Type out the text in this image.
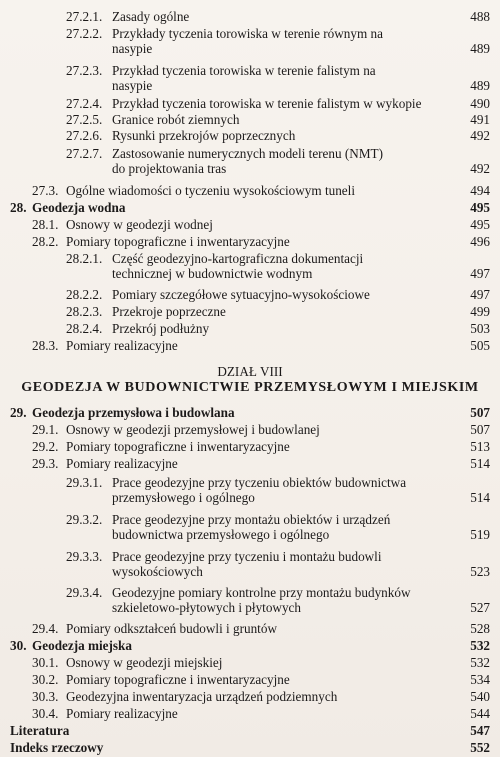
27.2.1. Zasady ogólne	488
27.2.2. Przykłady tyczenia torowiska w terenie równym na
nasypie	489
27.2.3. Przykład tyczenia torowiska w terenie falistym na
nasypie	489
27.2.4. Przykład tyczenia torowiska w terenie falistym w wykopie	490
27.2.5. Granice robót ziemnych	491
27.2.6. Rysunki przekrojów poprzecznych	492
27.2.7. Zastosowanie numerycznych modeli terenu (NMT)
do projektowania tras	492
27.3. Ogólne wiadomości o tyczeniu wysokościowym tuneli	494
28. Geodezja wodna	495
28.1. Osnowy w geodezji wodnej	495
28.2. Pomiary topograficzne i inwentaryzacyjne	496
28.2.1. Część geodezyjno-kartograficzna dokumentacji
technicznej w budownictwie wodnym	497
28.2.2. Pomiary szczegółowe sytuacyjno-wysokościowe	497
28.2.3. Przekroje poprzeczne	499
28.2.4. Przekrój podłużny	503
28.3. Pomiary realizacyjne	505
DZIAŁ VIII
GEODEZJA W BUDOWNICTWIE PRZEMYSŁOWYM I MIEJSKIM
29. Geodezja przemysłowa i budowlana	507
29.1. Osnowy w geodezji przemysłowej i budowlanej	507
29.2. Pomiary topograficzne i inwentaryzacyjne	513
29.3. Pomiary realizacyjne	514
29.3.1. Prace geodezyjne przy tyczeniu obiektów budownictwa
przemysłowego i ogólnego	514
29.3.2. Prace geodezyjne przy montażu obiektów i urządzeń
budownictwa przemysłowego i ogólnego	519
29.3.3. Prace geodezyjne przy tyczeniu i montażu budowli
wysokościowych	523
29.3.4. Geodezyjne pomiary kontrolne przy montażu budynków
szkieletowo-płytowych i płytowych	527
29.4. Pomiary odkształceń budowli i gruntów	528
30. Geodezja miejska	532
30.1. Osnowy w geodezji miejskiej	532
30.2. Pomiary topograficzne i inwentaryzacyjne	534
30.3. Geodezyjna inwentaryzacja urządzeń podziemnych	540
30.4. Pomiary realizacyjne	544
Literatura	547
Indeks rzeczowy	552
